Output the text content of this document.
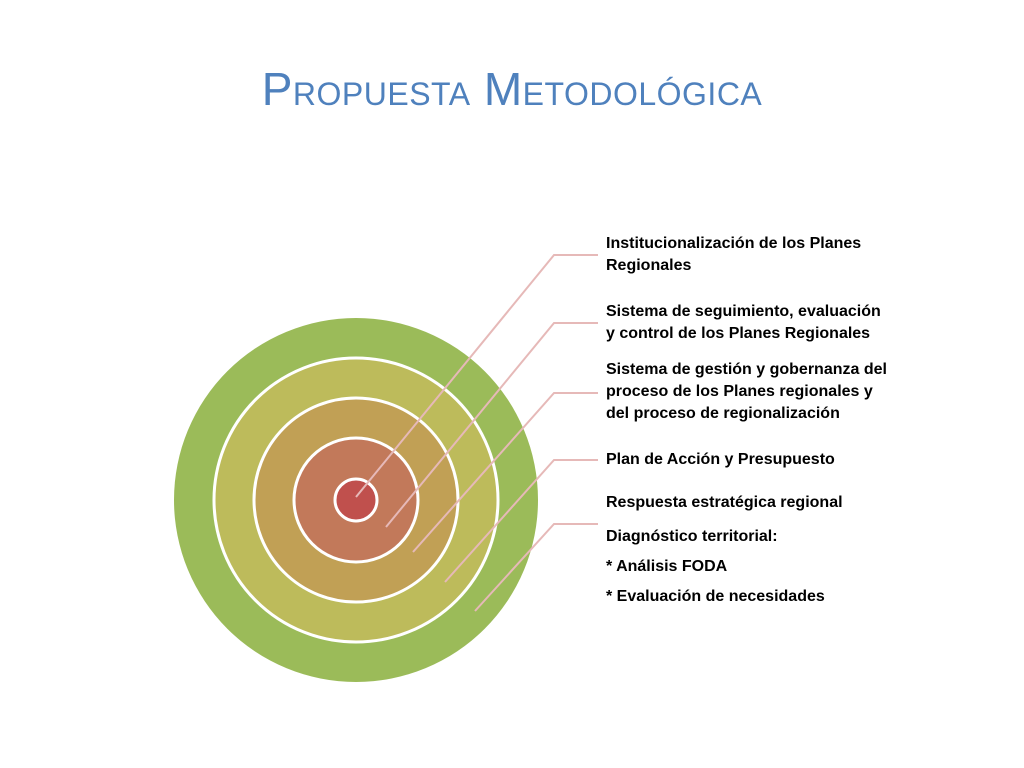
Propuesta Metodológica
Institucionalización de los Planes
Regionales
Sistema de seguimiento, evaluación
y control de los Planes Regionales
Sistema de gestión y gobernanza del
proceso de los Planes regionales y
del proceso de regionalización
Plan de Acción y Presupuesto
Respuesta estratégica regional
Diagnóstico territorial:
* Análisis FODA
* Evaluación de necesidades
